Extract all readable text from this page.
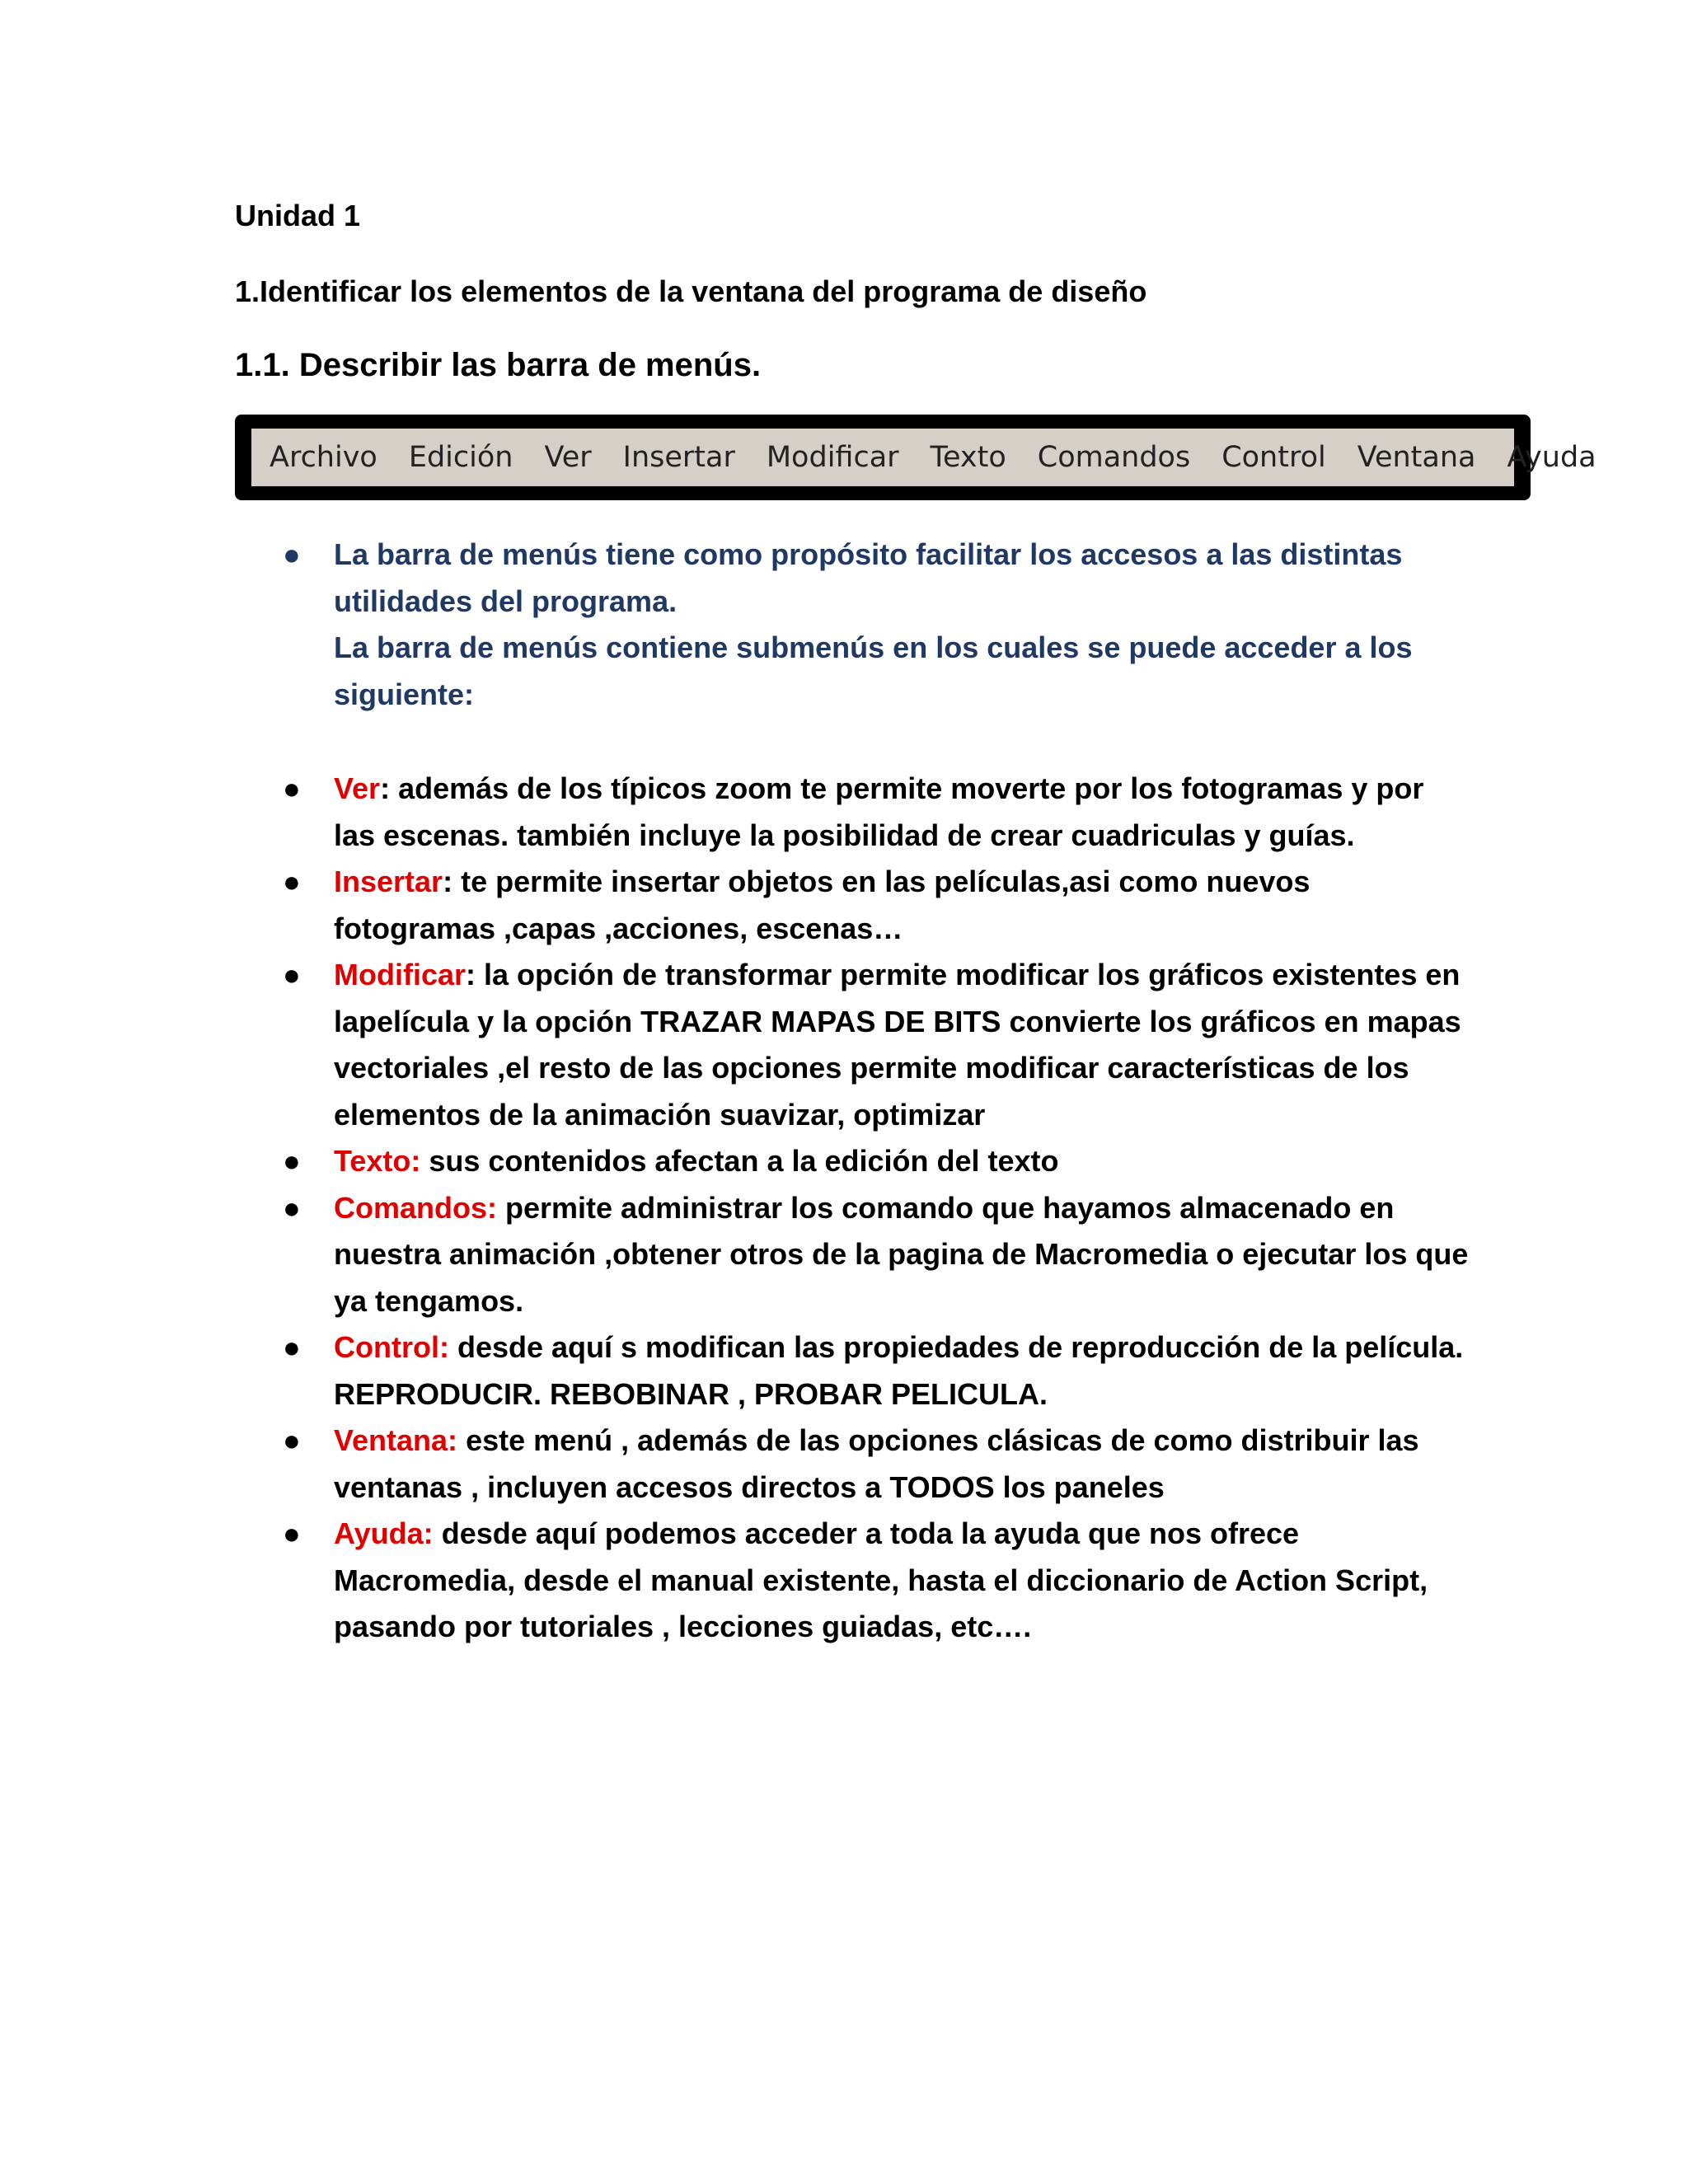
Unidad 1
1.Identificar los elementos de la ventana del programa de diseño
1.1. Describir las barra de menús.
Archivo Edición Ver Insertar Modificar Texto Comandos Control Ventana Ayuda
● La barra de menús tiene como propósito facilitar los accesos a las distintas utilidades del programa.
La barra de menús contiene submenús en los cuales se puede acceder a los siguiente:
● Ver: además de los típicos zoom te permite moverte por los fotogramas y por las escenas. también incluye la posibilidad de crear cuadriculas y guías.
● Insertar: te permite insertar objetos en las películas,asi como nuevos fotogramas ,capas ,acciones, escenas…
● Modificar: la opción de transformar permite modificar los gráficos existentes en lapelícula y la opción TRAZAR MAPAS DE BITS convierte los gráficos en mapas vectoriales ,el resto de las opciones permite modificar características de los elementos de la animación suavizar, optimizar
● Texto: sus contenidos afectan a la edición del texto
● Comandos: permite administrar los comando que hayamos almacenado en nuestra animación ,obtener otros de la pagina de Macromedia o ejecutar los que ya tengamos.
● Control: desde aquí s modifican las propiedades de reproducción de la película. REPRODUCIR. REBOBINAR , PROBAR PELICULA.
● Ventana: este menú , además de las opciones clásicas de como distribuir las ventanas , incluyen accesos directos a TODOS los paneles
● Ayuda: desde aquí podemos acceder a toda la ayuda que nos ofrece Macromedia, desde el manual existente, hasta el diccionario de Action Script, pasando por tutoriales , lecciones guiadas, etc….
